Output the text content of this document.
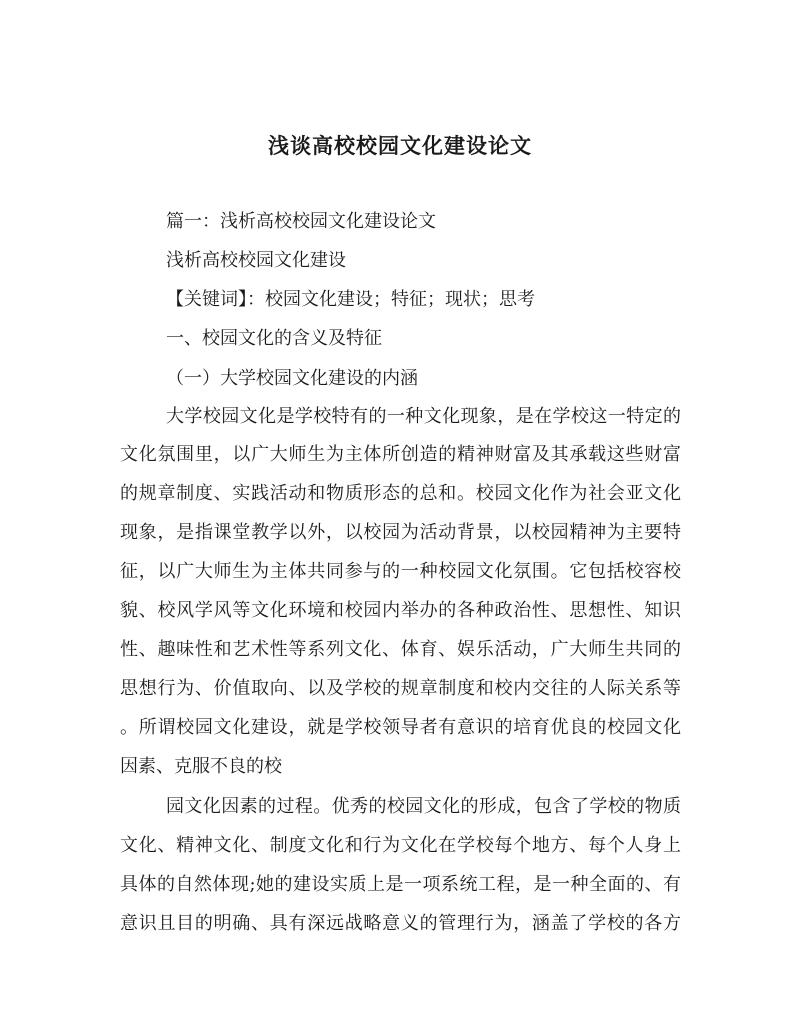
浅谈高校校园文化建设论文
篇一：浅析高校校园文化建设论文
浅析高校校园文化建设
【关键词】：校园文化建设；特征；现状；思考
一、校园文化的含义及特征
（一）大学校园文化建设的内涵
大学校园文化是学校特有的一种文化现象，是在学校这一特定的
文化氛围里，以广大师生为主体所创造的精神财富及其承载这些财富
的规章制度、实践活动和物质形态的总和。校园文化作为社会亚文化
现象，是指课堂教学以外，以校园为活动背景，以校园精神为主要特
征，以广大师生为主体共同参与的一种校园文化氛围。它包括校容校
貌、校风学风等文化环境和校园内举办的各种政治性、思想性、知识
性、趣味性和艺术性等系列文化、体育、娱乐活动，广大师生共同的
思想行为、价值取向、以及学校的规章制度和校内交往的人际关系等
。所谓校园文化建设，就是学校领导者有意识的培育优良的校园文化
因素、克服不良的校
园文化因素的过程。优秀的校园文化的形成，包含了学校的物质
文化、精神文化、制度文化和行为文化在学校每个地方、每个人身上
具体的自然体现;她的建设实质上是一项系统工程，是一种全面的、有
意识且目的明确、具有深远战略意义的管理行为，涵盖了学校的各方
